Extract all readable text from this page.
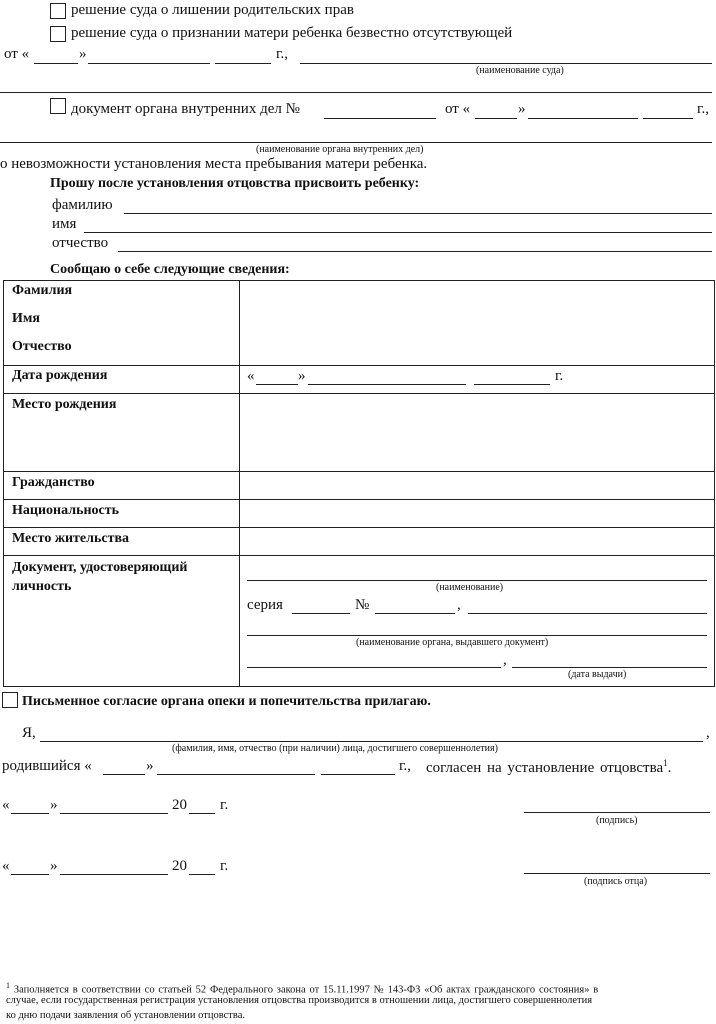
решение суда о лишении родительских прав
решение суда о признании матери ребенка безвестно отсутствующей
от «	»	г.,
(наименование суда)
документ органа внутренних дел №	от «	»	г.,
(наименование органа внутренних дел)
о невозможности установления места пребывания матери ребенка.
Прошу после установления отцовства присвоить ребенку:
фамилию
имя
отчество
Сообщаю о себе следующие сведения:
Фамилия
Имя
Отчество
Дата рождения	«	»	г.
Место рождения
Гражданство
Национальность
Место жительства
Документ, удостоверяющий
личность	(наименование)
серия	№	,
(наименование органа, выдавшего документ)
,
(дата выдачи)
Письменное согласие органа опеки и попечительства прилагаю.
Я,	,
(фамилия, имя, отчество (при наличии) лица, достигшего совершеннолетия)
родившийся «	»	г., согласен на установление отцовства$^1$.
«	»	20 г.
(подпись)
«	»	20 г.
(подпись отца)
$^1$ Заполняется в соответствии со статьей 52 Федерального закона от 15.11.1997 № 143-ФЗ «Об актах гражданского состояния» в
случае, если государственная регистрация установления отцовства производится в отношении лица, достигшего совершеннолетия
ко дню подачи заявления об установлении отцовства.
